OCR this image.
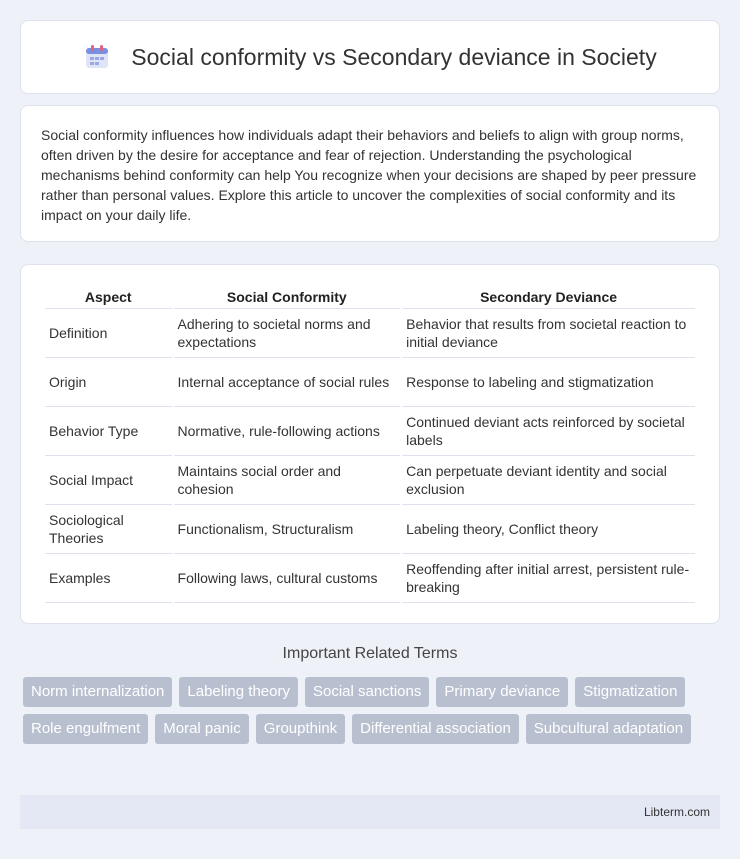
Social conformity vs Secondary deviance in Society

Social conformity influences how individuals adapt their behaviors and beliefs to align with group norms, often driven by the desire for acceptance and fear of rejection. Understanding the psychological mechanisms behind conformity can help You recognize when your decisions are shaped by peer pressure rather than personal values. Explore this article to uncover the complexities of social conformity and its impact on your daily life.

Aspect	Social Conformity	Secondary Deviance
Definition	Adhering to societal norms and expectations	Behavior that results from societal reaction to initial deviance
Origin	Internal acceptance of social rules	Response to labeling and stigmatization
Behavior Type	Normative, rule-following actions	Continued deviant acts reinforced by societal labels
Social Impact	Maintains social order and cohesion	Can perpetuate deviant identity and social exclusion
Sociological Theories	Functionalism, Structuralism	Labeling theory, Conflict theory
Examples	Following laws, cultural customs	Reoffending after initial arrest, persistent rule-breaking
Important Related Terms
Norm internalization	Labeling theory	Social sanctions	Primary deviance	Stigmatization
Role engulfment	Moral panic	Groupthink	Differential association	Subcultural adaptation
Libterm.com
